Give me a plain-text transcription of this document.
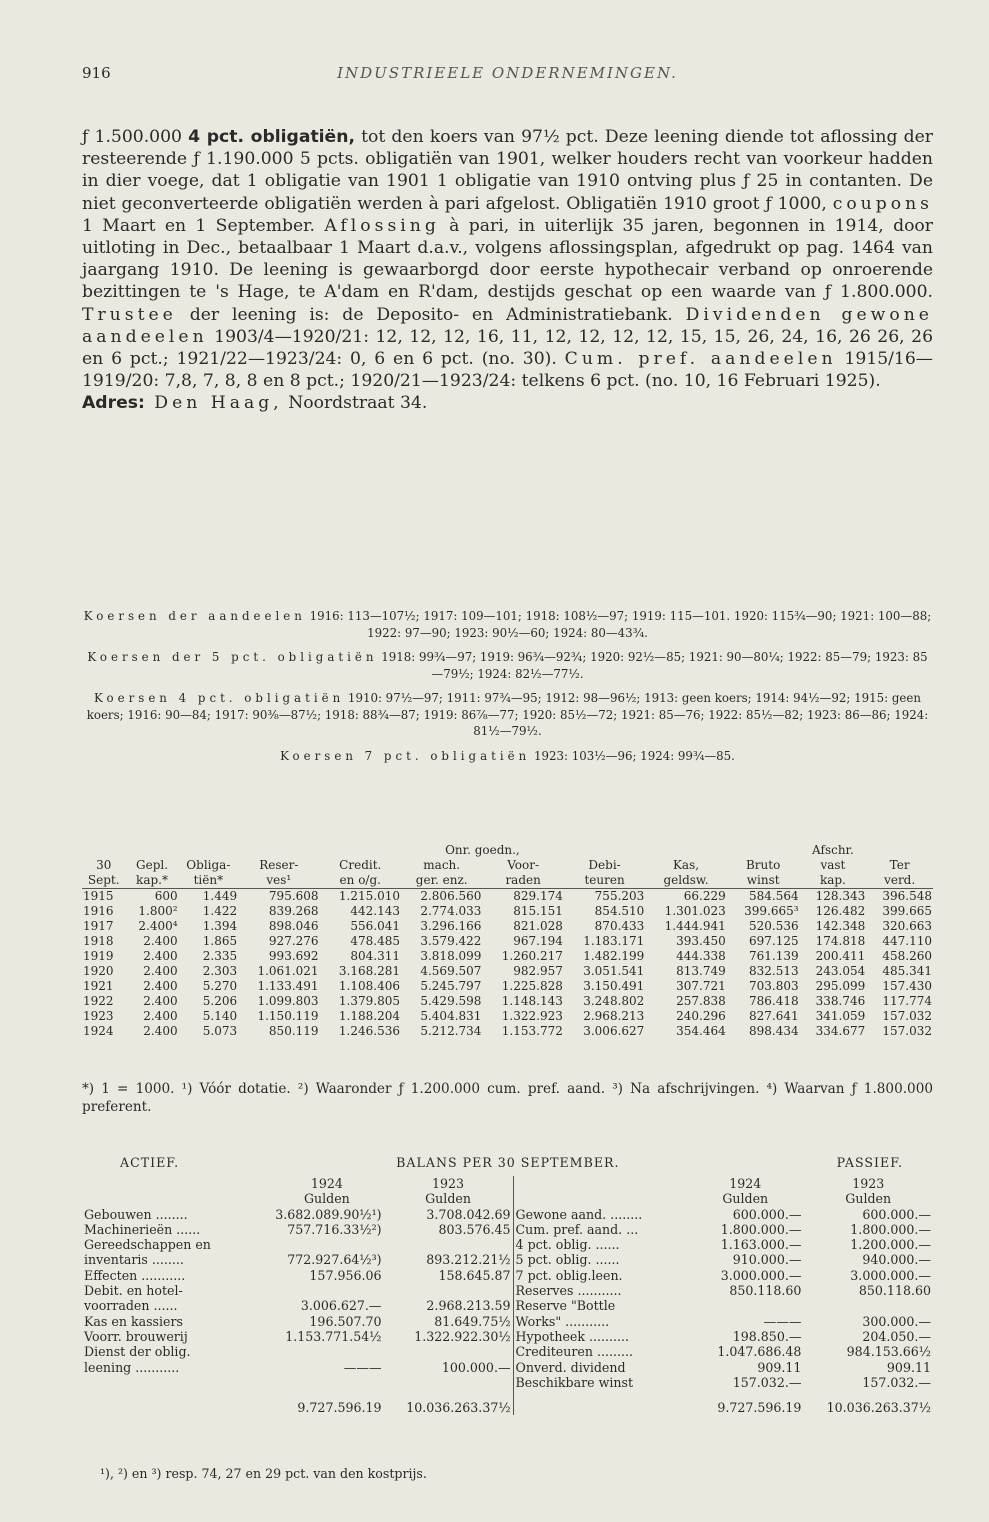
916	INDUSTRIEELE ONDERNEMINGEN.

ƒ 1.500.000 4 pct. obligatiën, tot den koers van 97½ pct. Deze leening diende tot aflossing der resteerende ƒ 1.190.000 5 pcts. obligatiën van 1901, welker houders recht van voorkeur hadden in dier voege, dat 1 obligatie van 1901 1 obligatie van 1910 ontving plus ƒ 25 in contanten. De niet geconverteerde obligatiën werden à pari afgelost. Obligatiën 1910 groot ƒ 1000, coupons 1 Maart en 1 September. Aflossing à pari, in uiterlijk 35 jaren, begonnen in 1914, door uitloting in Dec., betaalbaar 1 Maart d.a.v., volgens aflossingsplan, afgedrukt op pag. 1464 van jaargang 1910. De leening is gewaarborgd door eerste hypothecair verband op onroerende bezittingen te 's Hage, te A'dam en R'dam, destijds geschat op een waarde van ƒ 1.800.000. Trustee der leening is: de Deposito- en Administratiebank. Dividenden gewone aandeelen 1903/4—1920/21: 12, 12, 12, 16, 11, 12, 12, 12, 12, 15, 15, 26, 24, 16, 26 26, 26 en 6 pct.; 1921/22—1923/24: 0, 6 en 6 pct. (no. 30). Cum. pref. aandeelen 1915/16—1919/20: 7,8, 7, 8, 8 en 8 pct.; 1920/21—1923/24: telkens 6 pct. (no. 10, 16 Februari 1925).

Adres: Den Haag, Noordstraat 34.

Koersen der aandeelen 1916: 113—107½; 1917: 109—101; 1918: 108½—97; 1919: 115—101. 1920: 115¾—90; 1921: 100—88; 1922: 97—90; 1923: 90½—60; 1924: 80—43¾.

Koersen der 5 pct. obligatiën 1918: 99¾—97; 1919: 96¾—92¾; 1920: 92½—85; 1921: 90—80¼; 1922: 85—79; 1923: 85—79½; 1924: 82½—77½.

Koersen 4 pct. obligatiën 1910: 97½—97; 1911: 97¾—95; 1912: 98—96½; 1913: geen koers; 1914: 94½—92; 1915: geen koers; 1916: 90—84; 1917: 90⅜—87½; 1918: 88¾—87; 1919: 86⅞—77; 1920: 85½—72; 1921: 85—76; 1922: 85½—82; 1923: 86—86; 1924: 81½—79½.

Koersen 7 pct. obligatiën 1923: 103½—96; 1924: 99¾—85.

					Onr. goedn.,					Afschr.	
30	Gepl.	Obliga-	Reser-	Credit.	mach.	Voor-	Debi-	Kas,	Bruto	vast	Ter
Sept.	kap.*	tiën*	ves¹	en o/g.	ger. enz.	raden	teuren	geldsw.	winst	kap.	verd.
1915	600	1.449	795.608	1.215.010	2.806.560	829.174	755.203	66.229	584.564	128.343	396.548
1916	1.800²	1.422	839.268	442.143	2.774.033	815.151	854.510	1.301.023	399.665³	126.482	399.665
1917	2.400⁴	1.394	898.046	556.041	3.296.166	821.028	870.433	1.444.941	520.536	142.348	320.663
1918	2.400	1.865	927.276	478.485	3.579.422	967.194	1.183.171	393.450	697.125	174.818	447.110
1919	2.400	2.335	993.692	804.311	3.818.099	1.260.217	1.482.199	444.338	761.139	200.411	458.260
1920	2.400	2.303	1.061.021	3.168.281	4.569.507	982.957	3.051.541	813.749	832.513	243.054	485.341
1921	2.400	5.270	1.133.491	1.108.406	5.245.797	1.225.828	3.150.491	307.721	703.803	295.099	157.430
1922	2.400	5.206	1.099.803	1.379.805	5.429.598	1.148.143	3.248.802	257.838	786.418	338.746	117.774
1923	2.400	5.140	1.150.119	1.188.204	5.404.831	1.322.923	2.968.213	240.296	827.641	341.059	157.032
1924	2.400	5.073	850.119	1.246.536	5.212.734	1.153.772	3.006.627	354.464	898.434	334.677	157.032
*) 1 = 1000. ¹) Vóór dotatie. ²) Waaronder ƒ 1.200.000 cum. pref. aand. ³) Na afschrijvingen. ⁴) Waarvan ƒ 1.800.000 preferent.
ACTIEF.	BALANS PER 30 SEPTEMBER.	PASSIEF.
	1924	1923		1924	1923
	Gulden	Gulden		Gulden	Gulden
Gebouwen ........	3.682.089.90½¹)	3.708.042.69	Gewone aand. ........	600.000.—	600.000.—
Machinerieën ......	757.716.33½²)	803.576.45	Cum. pref. aand. ...	1.800.000.—	1.800.000.—
Gereedschappen en			4 pct. oblig. ......	1.163.000.—	1.200.000.—
inventaris ........	772.927.64½³)	893.212.21½	5 pct. oblig. ......	910.000.—	940.000.—
Effecten ...........	157.956.06	158.645.87	7 pct. oblig.leen.	3.000.000.—	3.000.000.—
Debit. en hotel-			Reserves ...........	850.118.60	850.118.60
voorraden ......	3.006.627.—	2.968.213.59	Reserve "Bottle		
Kas en kassiers	196.507.70	81.649.75½	Works" ...........	———	300.000.—
Voorr. brouwerij	1.153.771.54½	1.322.922.30½	Hypotheek ..........	198.850.—	204.050.—
Dienst der oblig.			Crediteuren .........	1.047.686.48	984.153.66½
leening ...........	———	100.000.—	Onverd. dividend	909.11	909.11
			Beschikbare winst	157.032.—	157.032.—
	9.727.596.19	10.036.263.37½		9.727.596.19	10.036.263.37½
¹), ²) en ³) resp. 74, 27 en 29 pct. van den kostprijs.
